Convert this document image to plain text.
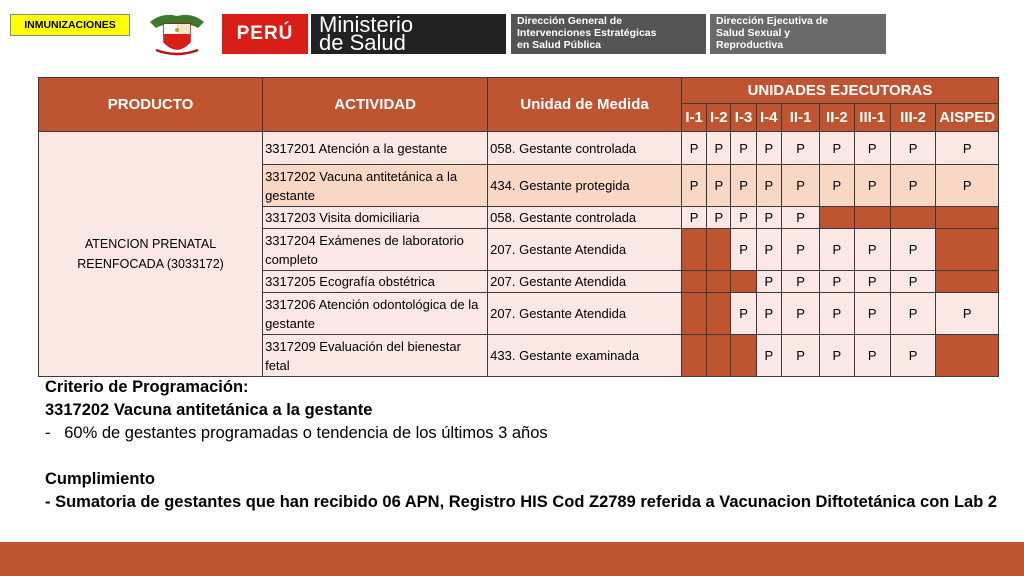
INMUNIZACIONES	PERÚ	Ministerio
de Salud
Dirección General de
Intervenciones Estratégicas
en Salud Pública
Dirección Ejecutiva de
Salud Sexual y
Reproductiva
PRODUCTO	ACTIVIDAD	Unidad de Medida	UNIDADES EJECUTORAS								
			I-1	I-2	I-3	I-4	II-1	II-2	III-1	III-2	AISPED
ATENCION PRENATAL REENFOCADA (3033172)	3317201 Atención a la gestante	058. Gestante controlada	P	P	P	P	P	P	P	P	P
	3317202 Vacuna antitetánica a la gestante	434. Gestante protegida	P	P	P	P	P	P	P	P	P
	3317203 Visita domiciliaria	058. Gestante controlada	P	P	P	P	P				
	3317204 Exámenes de laboratorio completo	207. Gestante Atendida			P	P	P	P	P	P	
	3317205 Ecografía obstétrica	207. Gestante Atendida				P	P	P	P	P	
	3317206 Atención odontológica de la gestante	207. Gestante Atendida			P	P	P	P	P	P	P
	3317209 Evaluación del bienestar fetal	433. Gestante examinada				P	P	P	P	P	
Criterio de Programación:
3317202 Vacuna antitetánica a la gestante
-   60% de gestantes programadas o tendencia de los últimos 3 años
Cumplimiento
- Sumatoria de gestantes que han recibido 06 APN, Registro HIS Cod Z2789 referida a Vacunacion Diftotetánica con Lab 2
